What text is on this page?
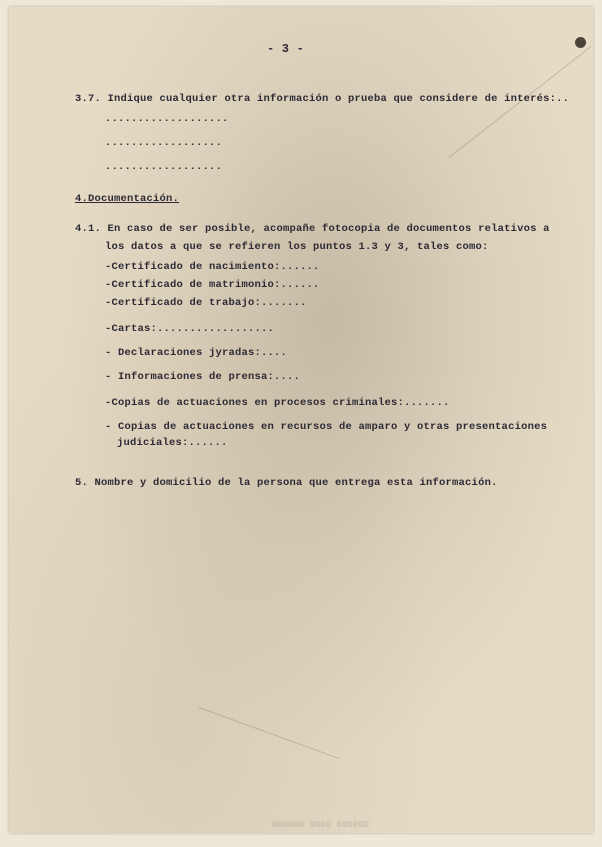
- 3 -

3.7. Indique cualquier otra información o prueba que considere de interés:..

...................

..................

..................

4.Documentación.

4.1. En caso de ser posible, acompañe fotocopia de documentos relativos a

los datos a que se refieren los puntos 1.3 y 3, tales como:

-Certificado de nacimiento:......

-Certificado de matrimonio:......

-Certificado de trabajo:.......

-Cartas:..................

- Declaraciones jyradas:....

- Informaciones de prensa:....

-Copias de actuaciones en procesos criminales:.......

- Copias de actuaciones en recursos de amparo y otras presentaciones

judiciales:......

5. Nombre y domicilio de la persona que entrega esta información.

000009 0008 000000
